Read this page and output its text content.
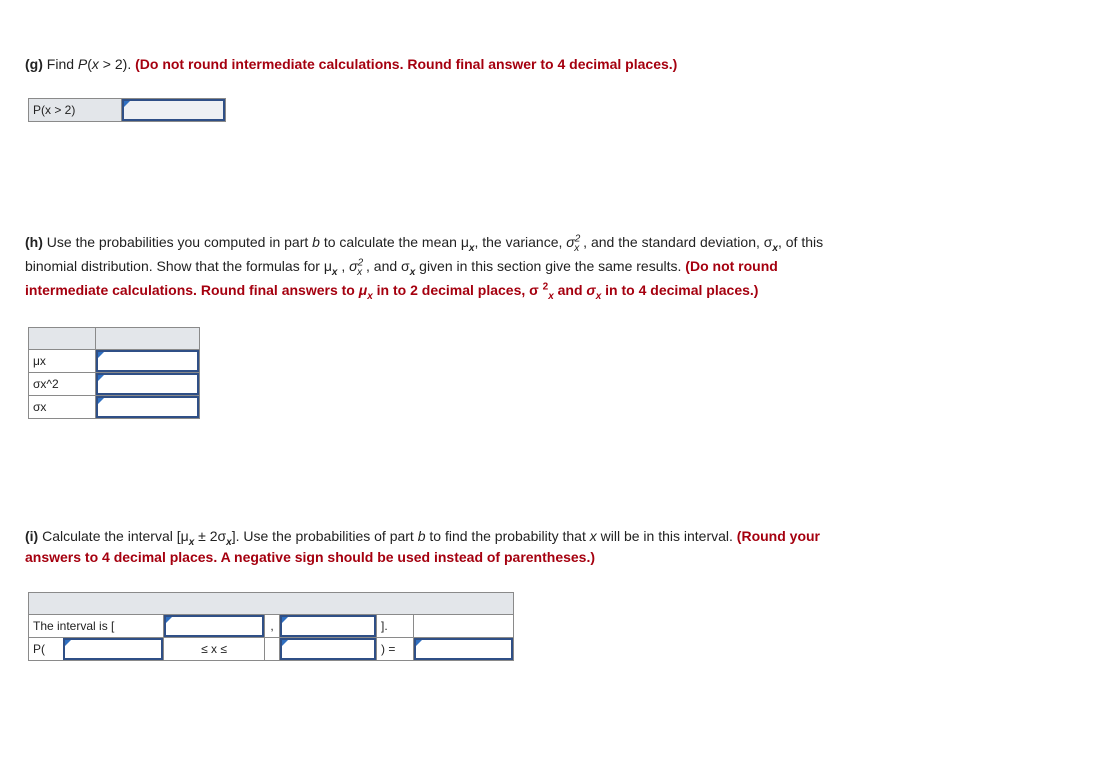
(g) Find P(x > 2). (Do not round intermediate calculations. Round final answer to 4 decimal places.)
P(x > 2)	
(h) Use the probabilities you computed in part b to calculate the mean $\mu_x$, the variance, $\sigma^2_x$ , and the standard deviation, $\sigma_x$, of this
binomial distribution. Show that the formulas for $\mu_x$ , $\sigma^2_x$ , and $\sigma_x$ given in this section give the same results. (Do not round
intermediate calculations. Round final answers to $\mu_x$ in to 2 decimal places, σ $^2_x$ and $\sigma_x$ in to 4 decimal places.)

μx	

σx^2	

σx	
(i) Calculate the interval $[\mu_x \pm 2\sigma_x]$. Use the probabilities of part b to find the probability that x will be in this interval. (Round your
answers to 4 decimal places. A negative sign should be used instead of parentheses.)

The interval is [		,		].	

P(	≤ x ≤			) =	
